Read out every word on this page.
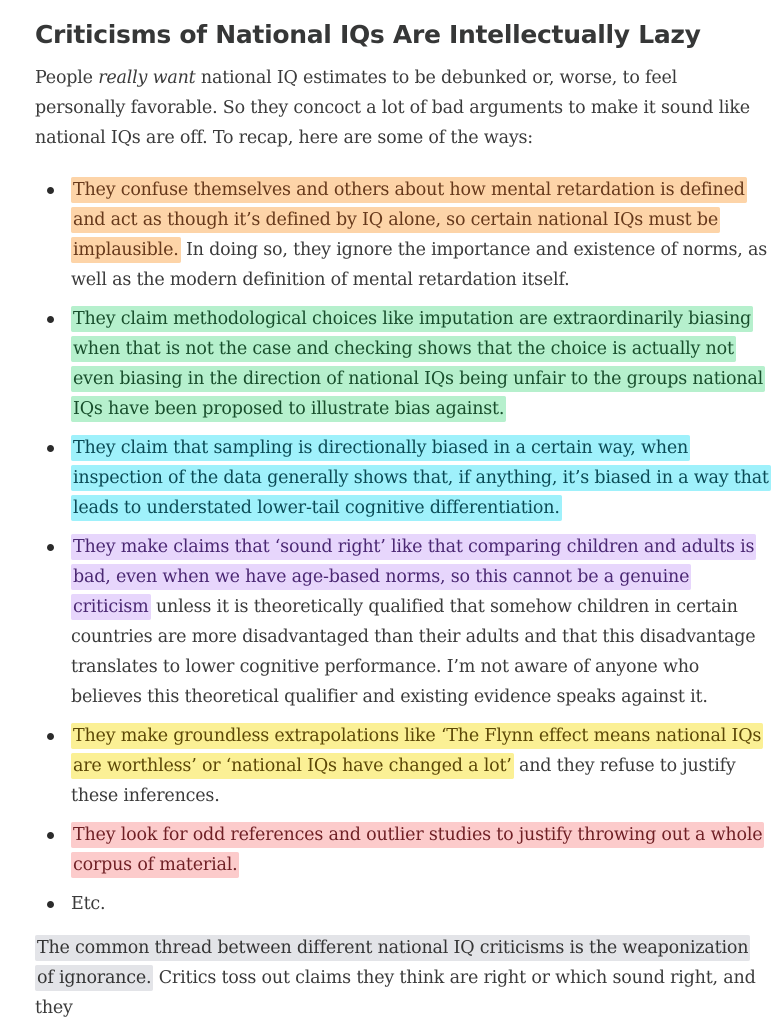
Criticisms of National IQs Are Intellectually Lazy

People really want national IQ estimates to be debunked or, worse, to feel personally favorable. So they concoct a lot of bad arguments to make it sound like national IQs are off. To recap, here are some of the ways:

They confuse themselves and others about how mental retardation is defined and act as though it’s defined by IQ alone, so certain national IQs must be implausible. In doing so, they ignore the importance and existence of norms, as well as the modern definition of mental retardation itself.
They claim methodological choices like imputation are extraordinarily biasing when that is not the case and checking shows that the choice is actually not even biasing in the direction of national IQs being unfair to the groups national IQs have been proposed to illustrate bias against.
They claim that sampling is directionally biased in a certain way, when inspection of the data generally shows that, if anything, it’s biased in a way that leads to understated lower-tail cognitive differentiation.
They make claims that ‘sound right’ like that comparing children and adults is bad, even when we have age-based norms, so this cannot be a genuine criticism unless it is theoretically qualified that somehow children in certain countries are more disadvantaged than their adults and that this disadvantage translates to lower cognitive performance. I’m not aware of anyone who believes this theoretical qualifier and existing evidence speaks against it.
They make groundless extrapolations like ‘The Flynn effect means national IQs are worthless’ or ‘national IQs have changed a lot’ and they refuse to justify these inferences.
They look for odd references and outlier studies to justify throwing out a whole corpus of material.
Etc.

The common thread between different national IQ criticisms is the weaponization of ignorance. Critics toss out claims they think are right or which sound right, and they
